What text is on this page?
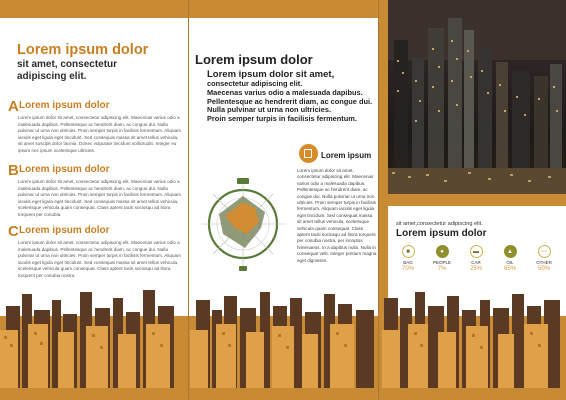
Lorem ipsum dolor
sit amet, consectetur
adipiscing elit.
A Lorem ipsum dolor
Lorem ipsum dolor sit amet, consectetur adipiscing elit. Maecenas varius odio a malesuada dapibus. Pellentesque ac hendrerit diam, ac congue dui. Nulla pulvinar ut urna non ultricies. Proin semper turpis in facilisis fermentum. Aliquam iaculis eget ligula eget tincidunt. Sed consequat massa sit amet tellus vehicula, sit amet suscipit dolor lacinia. Donec vulputate tincidunt sollicitudin. Integer eu ipsum nec ipsum scelerisque ultricies.
B Lorem ipsum dolor
Lorem ipsum dolor sit amet, consectetur adipiscing elit. Maecenas varius odio a malesuada dapibus. Pellentesque ac hendrerit diam, ac congue dui. Nulla pulvinar ut urna non ultricies. Proin semper turpis in facilisis fermentum. Aliquam iaculis eget ligula eget tincidunt. Sed consequat massa sit amet tellus vehicula, scelerisque vehicula quam consequat. Class aptent taciti sociosqu ad litora torquent per conubia.
C Lorem ipsum dolor
Lorem ipsum dolor sit amet, consectetur adipiscing elit. Maecenas varius odio a malesuada dapibus. Pellentesque ac hendrerit diam, ac congue dui. Nulla pulvinar ut urna non ultricies. Proin semper turpis in facilisis fermentum. Aliquam iaculis eget ligula eget tincidunt. Sed consequat massa sit amet tellus vehicula, scelerisque vehicula quam consequat. Class aptent taciti sociosqu ad litora torquent per conubia nostra.
Lorem ipsum dolor
Lorem ipsum dolor sit amet,
consectetur adipiscing elit.
Maecenas varius odio a malesuada dapibus.
Pellentesque ac hendrerit diam, ac congue dui.
Nulla pulvinar ut urna non ultricies.
Proin semper turpis in facilisis fermentum.
Lorem ipsum
Lorem ipsum dolor sit amet, consectetur adipiscing elit. Maecenas varius odio a malesuada dapibus. Pellentesque ac hendrerit diam, ac congue dui. Nulla pulvinar ut urna non ultricies. Proin semper turpis in facilisis fermentum. Aliquam iaculis eget ligula eget tincidunt. Sed consequat massa sit amet tellus vehicula, scelerisque vehicula quam consequat. Class aptent taciti sociosqu ad litora torquent per conubia nostra, per inceptos himenaeos. In a dapibus nulla. Nulla in consequat velit. Integer pretium magna eget dignissim.
sit amet,consectetur adipiscing elit.
Lorem ipsum dolor
■
BAG
70%
●
PEOPLE
7%
▬
CAR
25%
▲
OIL
65%
⋯
OTHER
50%
